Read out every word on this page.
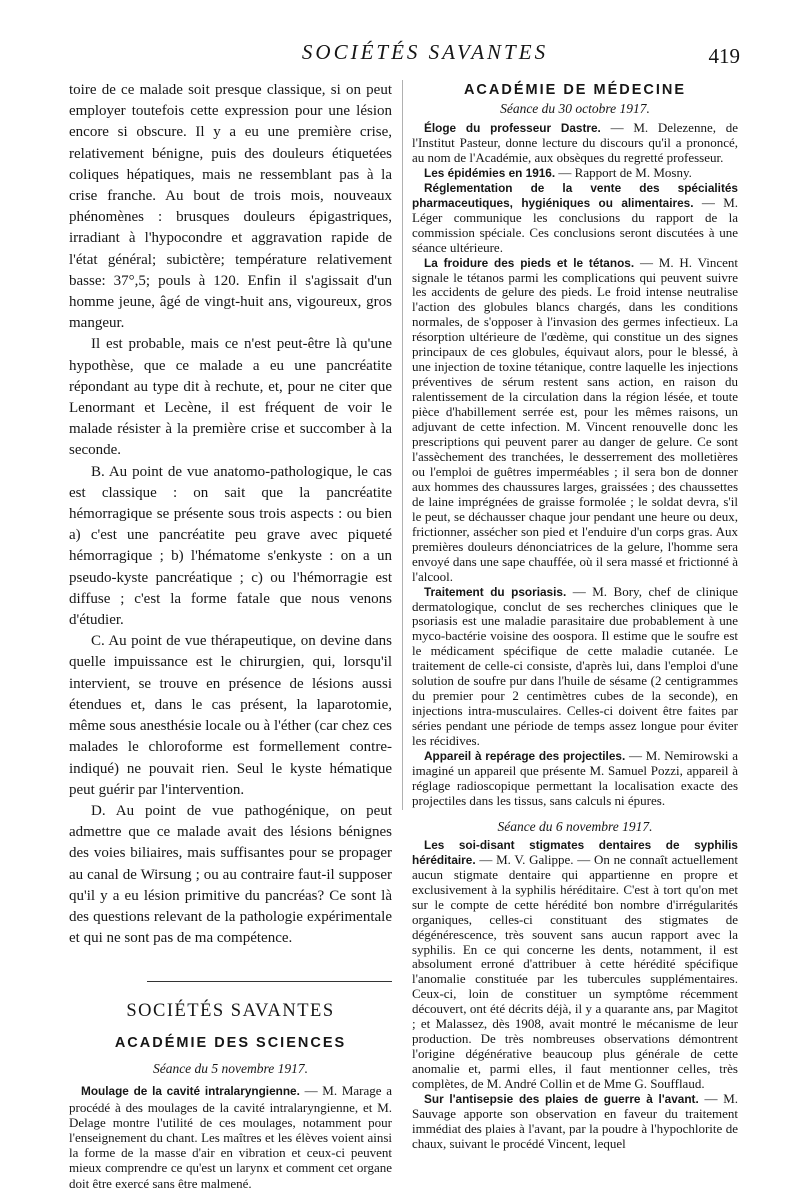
SOCIÉTÉS SAVANTES	419

toire de ce malade soit presque classique, si on peut employer toutefois cette expression pour une lésion encore si obscure. Il y a eu une première crise, relativement bénigne, puis des douleurs étiquetées coliques hépatiques, mais ne ressemblant pas à la crise franche. Au bout de trois mois, nouveaux phénomènes : brusques douleurs épigastriques, irradiant à l'hypocondre et aggravation rapide de l'état général; subictère; température relativement basse: 37°,5; pouls à 120. Enfin il s'agissait d'un homme jeune, âgé de vingt-huit ans, vigoureux, gros mangeur.

Il est probable, mais ce n'est peut-être là qu'une hypothèse, que ce malade a eu une pancréatite répondant au type dit à rechute, et, pour ne citer que Lenormant et Lecène, il est fréquent de voir le malade résister à la première crise et succomber à la seconde.

B. Au point de vue anatomo-pathologique, le cas est classique : on sait que la pancréatite hémorragique se présente sous trois aspects : ou bien a) c'est une pancréatite peu grave avec piqueté hémorragique ; b) l'hématome s'enkyste : on a un pseudo-kyste pancréatique ; c) ou l'hémorragie est diffuse ; c'est la forme fatale que nous venons d'étudier.

C. Au point de vue thérapeutique, on devine dans quelle impuissance est le chirurgien, qui, lorsqu'il intervient, se trouve en présence de lésions aussi étendues et, dans le cas présent, la laparotomie, même sous anesthésie locale ou à l'éther (car chez ces malades le chloroforme est formellement contre-indiqué) ne pouvait rien. Seul le kyste hématique peut guérir par l'intervention.

D. Au point de vue pathogénique, on peut admettre que ce malade avait des lésions bénignes des voies biliaires, mais suffisantes pour se propager au canal de Wirsung ; ou au contraire faut-il supposer qu'il y a eu lésion primitive du pancréas? Ce sont là des questions relevant de la pathologie expérimentale et qui ne sont pas de ma compétence.

SOCIÉTÉS SAVANTES
ACADÉMIE DES SCIENCES
Séance du 5 novembre 1917.

Moulage de la cavité intralaryngienne. — M. Marage a procédé à des moulages de la cavité intralaryngienne, et M. Delage montre l'utilité de ces moulages, notamment pour l'enseignement du chant. Les maîtres et les élèves voient ainsi la forme de la masse d'air en vibration et ceux-ci peuvent mieux comprendre ce qu'est un larynx et comment cet organe doit être exercé sans être malmené.

ACADÉMIE DE MÉDECINE
Séance du 30 octobre 1917.

Éloge du professeur Dastre. — M. Delezenne, de l'Institut Pasteur, donne lecture du discours qu'il a prononcé, au nom de l'Académie, aux obsèques du regretté professeur.

Les épidémies en 1916. — Rapport de M. Mosny.

Réglementation de la vente des spécialités pharmaceutiques, hygiéniques ou alimentaires. — M. Léger communique les conclusions du rapport de la commission spéciale. Ces conclusions seront discutées à une séance ultérieure.

La froidure des pieds et le tétanos. — M. H. Vincent signale le tétanos parmi les complications qui peuvent suivre les accidents de gelure des pieds. Le froid intense neutralise l'action des globules blancs chargés, dans les conditions normales, de s'opposer à l'invasion des germes infectieux. La résorption ultérieure de l'œdème, qui constitue un des signes principaux de ces globules, équivaut alors, pour le blessé, à une injection de toxine tétanique, contre laquelle les injections préventives de sérum restent sans action, en raison du ralentissement de la circulation dans la région lésée, et toute pièce d'habillement serrée est, pour les mêmes raisons, un adjuvant de cette infection. M. Vincent renouvelle donc les prescriptions qui peuvent parer au danger de gelure. Ce sont l'assèchement des tranchées, le desserrement des molletières ou l'emploi de guêtres imperméables ; il sera bon de donner aux hommes des chaussures larges, graissées ; des chaussettes de laine imprégnées de graisse formolée ; le soldat devra, s'il le peut, se déchausser chaque jour pendant une heure ou deux, frictionner, assécher son pied et l'enduire d'un corps gras. Aux premières douleurs dénonciatrices de la gelure, l'homme sera envoyé dans une sape chauffée, où il sera massé et frictionné à l'alcool.

Traitement du psoriasis. — M. Bory, chef de clinique dermatologique, conclut de ses recherches cliniques que le psoriasis est une maladie parasitaire due probablement à une myco-bactérie voisine des oospora. Il estime que le soufre est le médicament spécifique de cette maladie cutanée. Le traitement de celle-ci consiste, d'après lui, dans l'emploi d'une solution de soufre pur dans l'huile de sésame (2 centigrammes du premier pour 2 centimètres cubes de la seconde), en injections intra-musculaires. Celles-ci doivent être faites par séries pendant une période de temps assez longue pour éviter les récidives.

Appareil à repérage des projectiles. — M. Nemirowski a imaginé un appareil que présente M. Samuel Pozzi, appareil à réglage radioscopique permettant la localisation exacte des projectiles dans les tissus, sans calculs ni épures.

Séance du 6 novembre 1917.

Les soi-disant stigmates dentaires de syphilis héréditaire. — M. V. Galippe. — On ne connaît actuellement aucun stigmate dentaire qui appartienne en propre et exclusivement à la syphilis héréditaire. C'est à tort qu'on met sur le compte de cette hérédité bon nombre d'irrégularités organiques, celles-ci constituant des stigmates de dégénérescence, très souvent sans aucun rapport avec la syphilis. En ce qui concerne les dents, notamment, il est absolument erroné d'attribuer à cette hérédité spécifique l'anomalie constituée par les tubercules supplémentaires. Ceux-ci, loin de constituer un symptôme récemment découvert, ont été décrits déjà, il y a quarante ans, par Magitot ; et Malassez, dès 1908, avait montré le mécanisme de leur production. De très nombreuses observations démontrent l'origine dégénérative beaucoup plus générale de cette anomalie et, parmi elles, il faut mentionner celles, très complètes, de M. André Collin et de Mme G. Soufflaud.

Sur l'antisepsie des plaies de guerre à l'avant. — M. Sauvage apporte son observation en faveur du traitement immédiat des plaies à l'avant, par la poudre à l'hypochlorite de chaux, suivant le procédé Vincent, lequel
